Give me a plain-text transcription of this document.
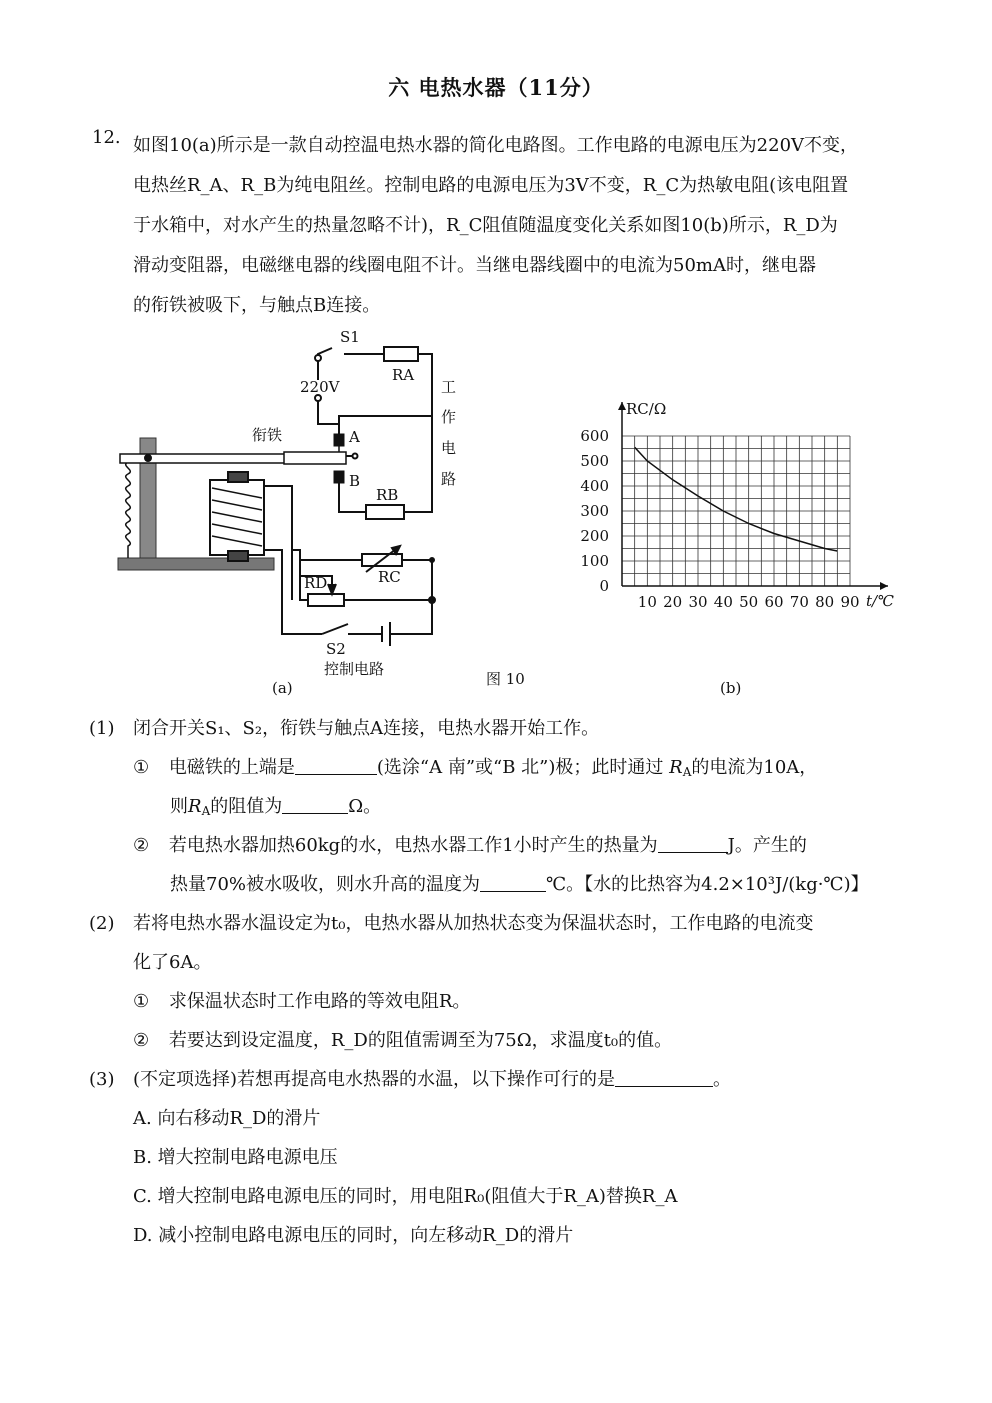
六 电热水器（11分）
12. 如图10(a)所示是一款自动控温电热水器的简化电路图。工作电路的电源电压为220V不变，

电热丝R_A、R_B为纯电阻丝。控制电路的电源电压为3V不变，R_C为热敏电阻(该电阻置

于水箱中，对水产生的热量忽略不计)，R_C阻值随温度变化关系如图10(b)所示，R_D为

滑动变阻器，电磁继电器的线圈电阻不计。当继电器线圈中的电流为50mA时，继电器

的衔铁被吸下，与触点B连接。

S1
RA
220V	工
作
电
路
衔铁	A
B
RB
RD	RC
S2
控制电路
(a)	图 10	(b)
10 20 30 40 50 60 70 80 90
0
100
200
300
400
500
600
RC/Ω
t/℃
(1) 闭合开关S₁、S₂，衔铁与触点A连接，电热水器开始工作。
① 电磁铁的上端是	(选涂“A 南”或“B 北”)极；此时通过 $R_A$的电流为10A，
则$R_A$的阻值为	Ω。
② 若电热水器加热60kg的水，电热水器工作1小时产生的热量为	J。产生的
热量70%被水吸收，则水升高的温度为	℃。【水的比热容为4.2×10³J/(kg·℃)】
(2) 若将电热水器水温设定为t₀，电热水器从加热状态变为保温状态时，工作电路的电流变
化了6A。
① 求保温状态时工作电路的等效电阻R。
② 若要达到设定温度，R_D的阻值需调至为75Ω，求温度t₀的值。
(3) (不定项选择)若想再提高电水热器的水温，以下操作可行的是	。
A. 向右移动R_D的滑片
B. 增大控制电路电源电压
C. 增大控制电路电源电压的同时，用电阻R₀(阻值大于R_A)替换R_A
D. 减小控制电路电源电压的同时，向左移动R_D的滑片
